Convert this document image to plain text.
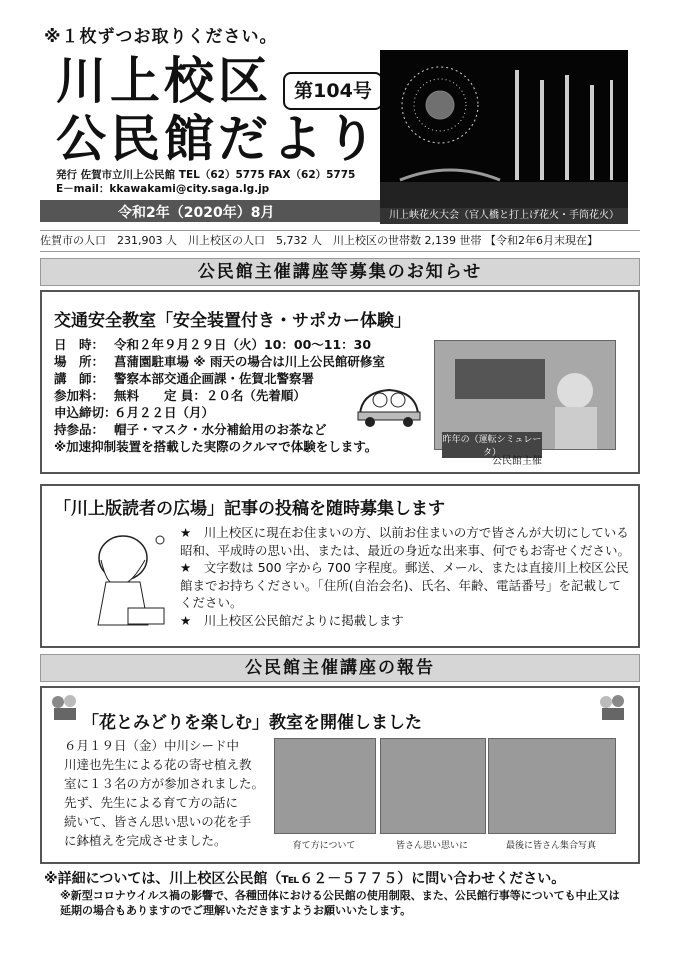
※１枚ずつお取りください。
川上校区
公民館だより
第104号
発行 佐賀市立川上公民館 TEL（62）5775 FAX（62）5775
E－mail：kkawakami@city.saga.lg.jp
令和2年（2020年）8月	川上峡花火大会（官人橋と打上げ花火・手筒花火）
佐賀市の人口　231,903 人　川上校区の人口　5,732 人　川上校区の世帯数 2,139 世帯 【令和2年6月末現在】
公民館主催講座等募集のお知らせ
交通安全教室「安全装置付き・サポカー体験」
日　時： 令和２年９月２９日（火）10：00～11：30
場　所： 菖蒲園駐車場 ※ 雨天の場合は川上公民館研修室
講　師： 警察本部交通企画課・佐賀北警察署
参加料： 無料　　定 員：２０名（先着順）
申込締切：６月２２日（月）
持参品： 帽子・マスク・水分補給用のお茶など
※加速抑制装置を搭載した実際のクルマで体験をします。	昨年の（運転シミュレータ）
公民館主催
「川上版読者の広場」記事の投稿を随時募集します
★　川上校区に現在お住まいの方、以前お住まいの方で皆さんが大切にしている昭和、平成時の思い出、または、最近の身近な出来事、何でもお寄せください。
★　文字数は 500 字から 700 字程度。郵送、メール、または直接川上校区公民館までお持ちください。「住所(自治会名)、氏名、年齢、電話番号」を記載してください。
★　川上校区公民館だよりに掲載します
公民館主催講座の報告
「花とみどりを楽しむ」教室を開催しました
６月１９日（金）中川シード中
川達也先生による花の寄せ植え教
室に１３名の方が参加されました。
先ず、先生による育て方の話に
続いて、皆さん思い思いの花を手
に鉢植えを完成させました。	育て方について	皆さん思い思いに	最後に皆さん集合写真
※詳細については、川上校区公民館（℡６２－５７７５）に問い合わせください。
※新型コロナウイルス禍の影響で、各種団体における公民館の使用制限、また、公民館行事等についても中止又は延期の場合もありますのでご理解いただきますようお願いいたします。
